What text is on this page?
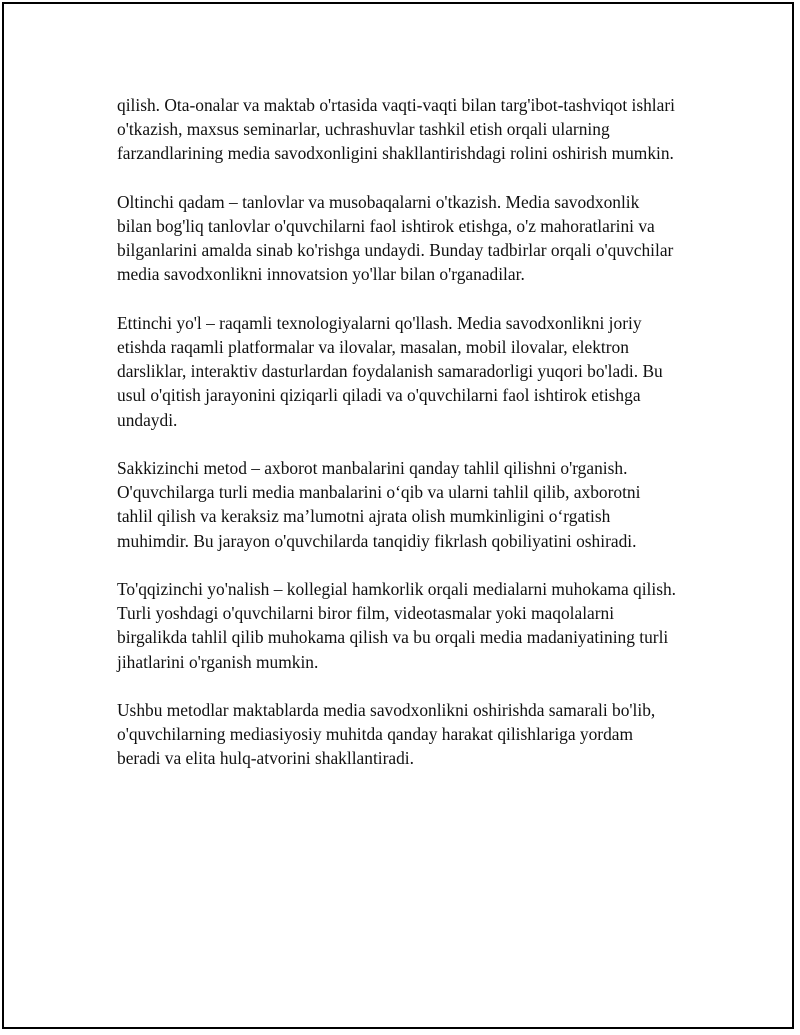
qilish. Ota-onalar va maktab o'rtasida vaqti-vaqti bilan targ'ibot-tashviqot ishlari o'tkazish, maxsus seminarlar, uchrashuvlar tashkil etish orqali ularning farzandlarining media savodxonligini shakllantirishdagi rolini oshirish mumkin.

Oltinchi qadam – tanlovlar va musobaqalarni o'tkazish. Media savodxonlik bilan bog'liq tanlovlar o'quvchilarni faol ishtirok etishga, o'z mahoratlarini va bilganlarini amalda sinab ko'rishga undaydi. Bunday tadbirlar orqali o'quvchilar media savodxonlikni innovatsion yo'llar bilan o'rganadilar.

Ettinchi yo'l – raqamli texnologiyalarni qo'llash. Media savodxonlikni joriy etishda raqamli platformalar va ilovalar, masalan, mobil ilovalar, elektron darsliklar, interaktiv dasturlardan foydalanish samaradorligi yuqori bo'ladi. Bu usul o'qitish jarayonini qiziqarli qiladi va o'quvchilarni faol ishtirok etishga undaydi.

Sakkizinchi metod – axborot manbalarini qanday tahlil qilishni o'rganish. O'quvchilarga turli media manbalarini o‘qib va ularni tahlil qilib, axborotni tahlil qilish va keraksiz ma’lumotni ajrata olish mumkinligini o‘rgatish muhimdir. Bu jarayon o'quvchilarda tanqidiy fikrlash qobiliyatini oshiradi.

To'qqizinchi yo'nalish – kollegial hamkorlik orqali medialarni muhokama qilish. Turli yoshdagi o'quvchilarni biror film, videotasmalar yoki maqolalarni birgalikda tahlil qilib muhokama qilish va bu orqali media madaniyatining turli jihatlarini o'rganish mumkin.

Ushbu metodlar maktablarda media savodxonlikni oshirishda samarali bo'lib, o'quvchilarning mediasiyosiy muhitda qanday harakat qilishlariga yordam beradi va elita hulq-atvorini shakllantiradi.
